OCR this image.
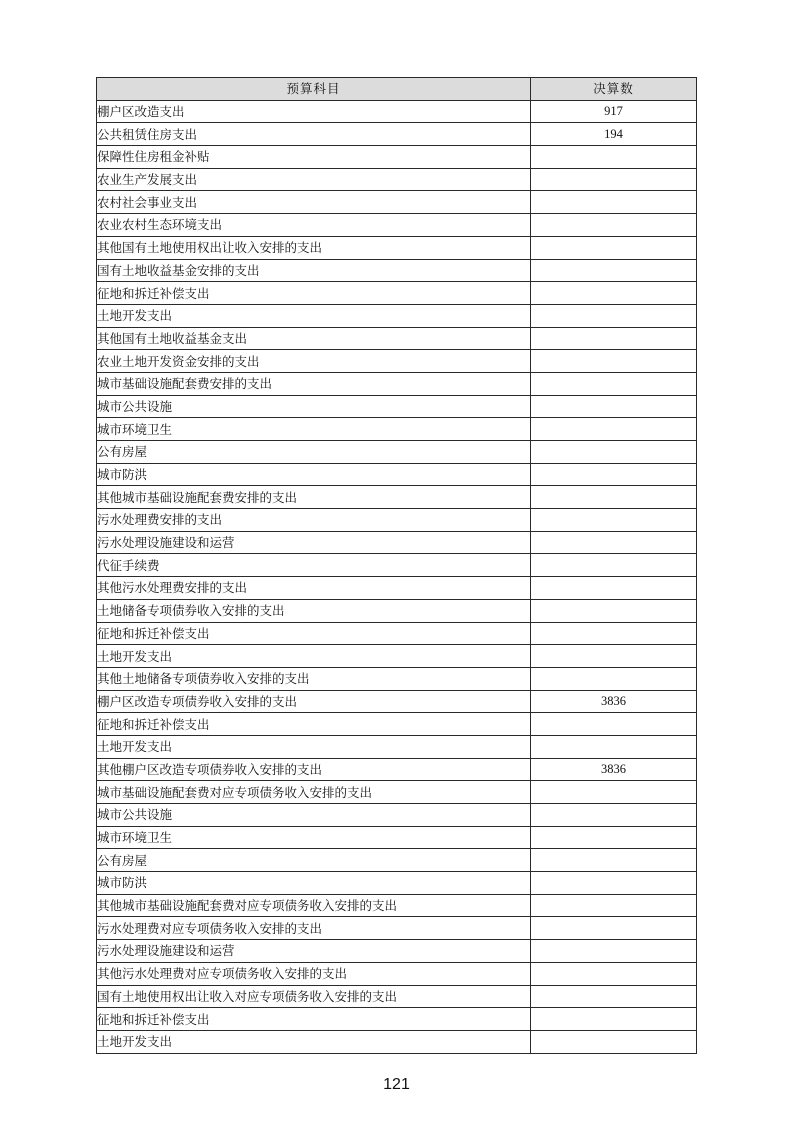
预算科目	决算数
棚户区改造支出	917
公共租赁住房支出	194
保障性住房租金补贴	
农业生产发展支出	
农村社会事业支出	
农业农村生态环境支出	
其他国有土地使用权出让收入安排的支出	
国有土地收益基金安排的支出	
征地和拆迁补偿支出	
土地开发支出	
其他国有土地收益基金支出	
农业土地开发资金安排的支出	
城市基础设施配套费安排的支出	
城市公共设施	
城市环境卫生	
公有房屋	
城市防洪	
其他城市基础设施配套费安排的支出	
污水处理费安排的支出	
污水处理设施建设和运营	
代征手续费	
其他污水处理费安排的支出	
土地储备专项债券收入安排的支出	
征地和拆迁补偿支出	
土地开发支出	
其他土地储备专项债券收入安排的支出	
棚户区改造专项债券收入安排的支出	3836
征地和拆迁补偿支出	
土地开发支出	
其他棚户区改造专项债券收入安排的支出	3836
城市基础设施配套费对应专项债务收入安排的支出	
城市公共设施	
城市环境卫生	
公有房屋	
城市防洪	
其他城市基础设施配套费对应专项债务收入安排的支出	
污水处理费对应专项债务收入安排的支出	
污水处理设施建设和运营	
其他污水处理费对应专项债务收入安排的支出	
国有土地使用权出让收入对应专项债务收入安排的支出	
征地和拆迁补偿支出	
土地开发支出	
121
